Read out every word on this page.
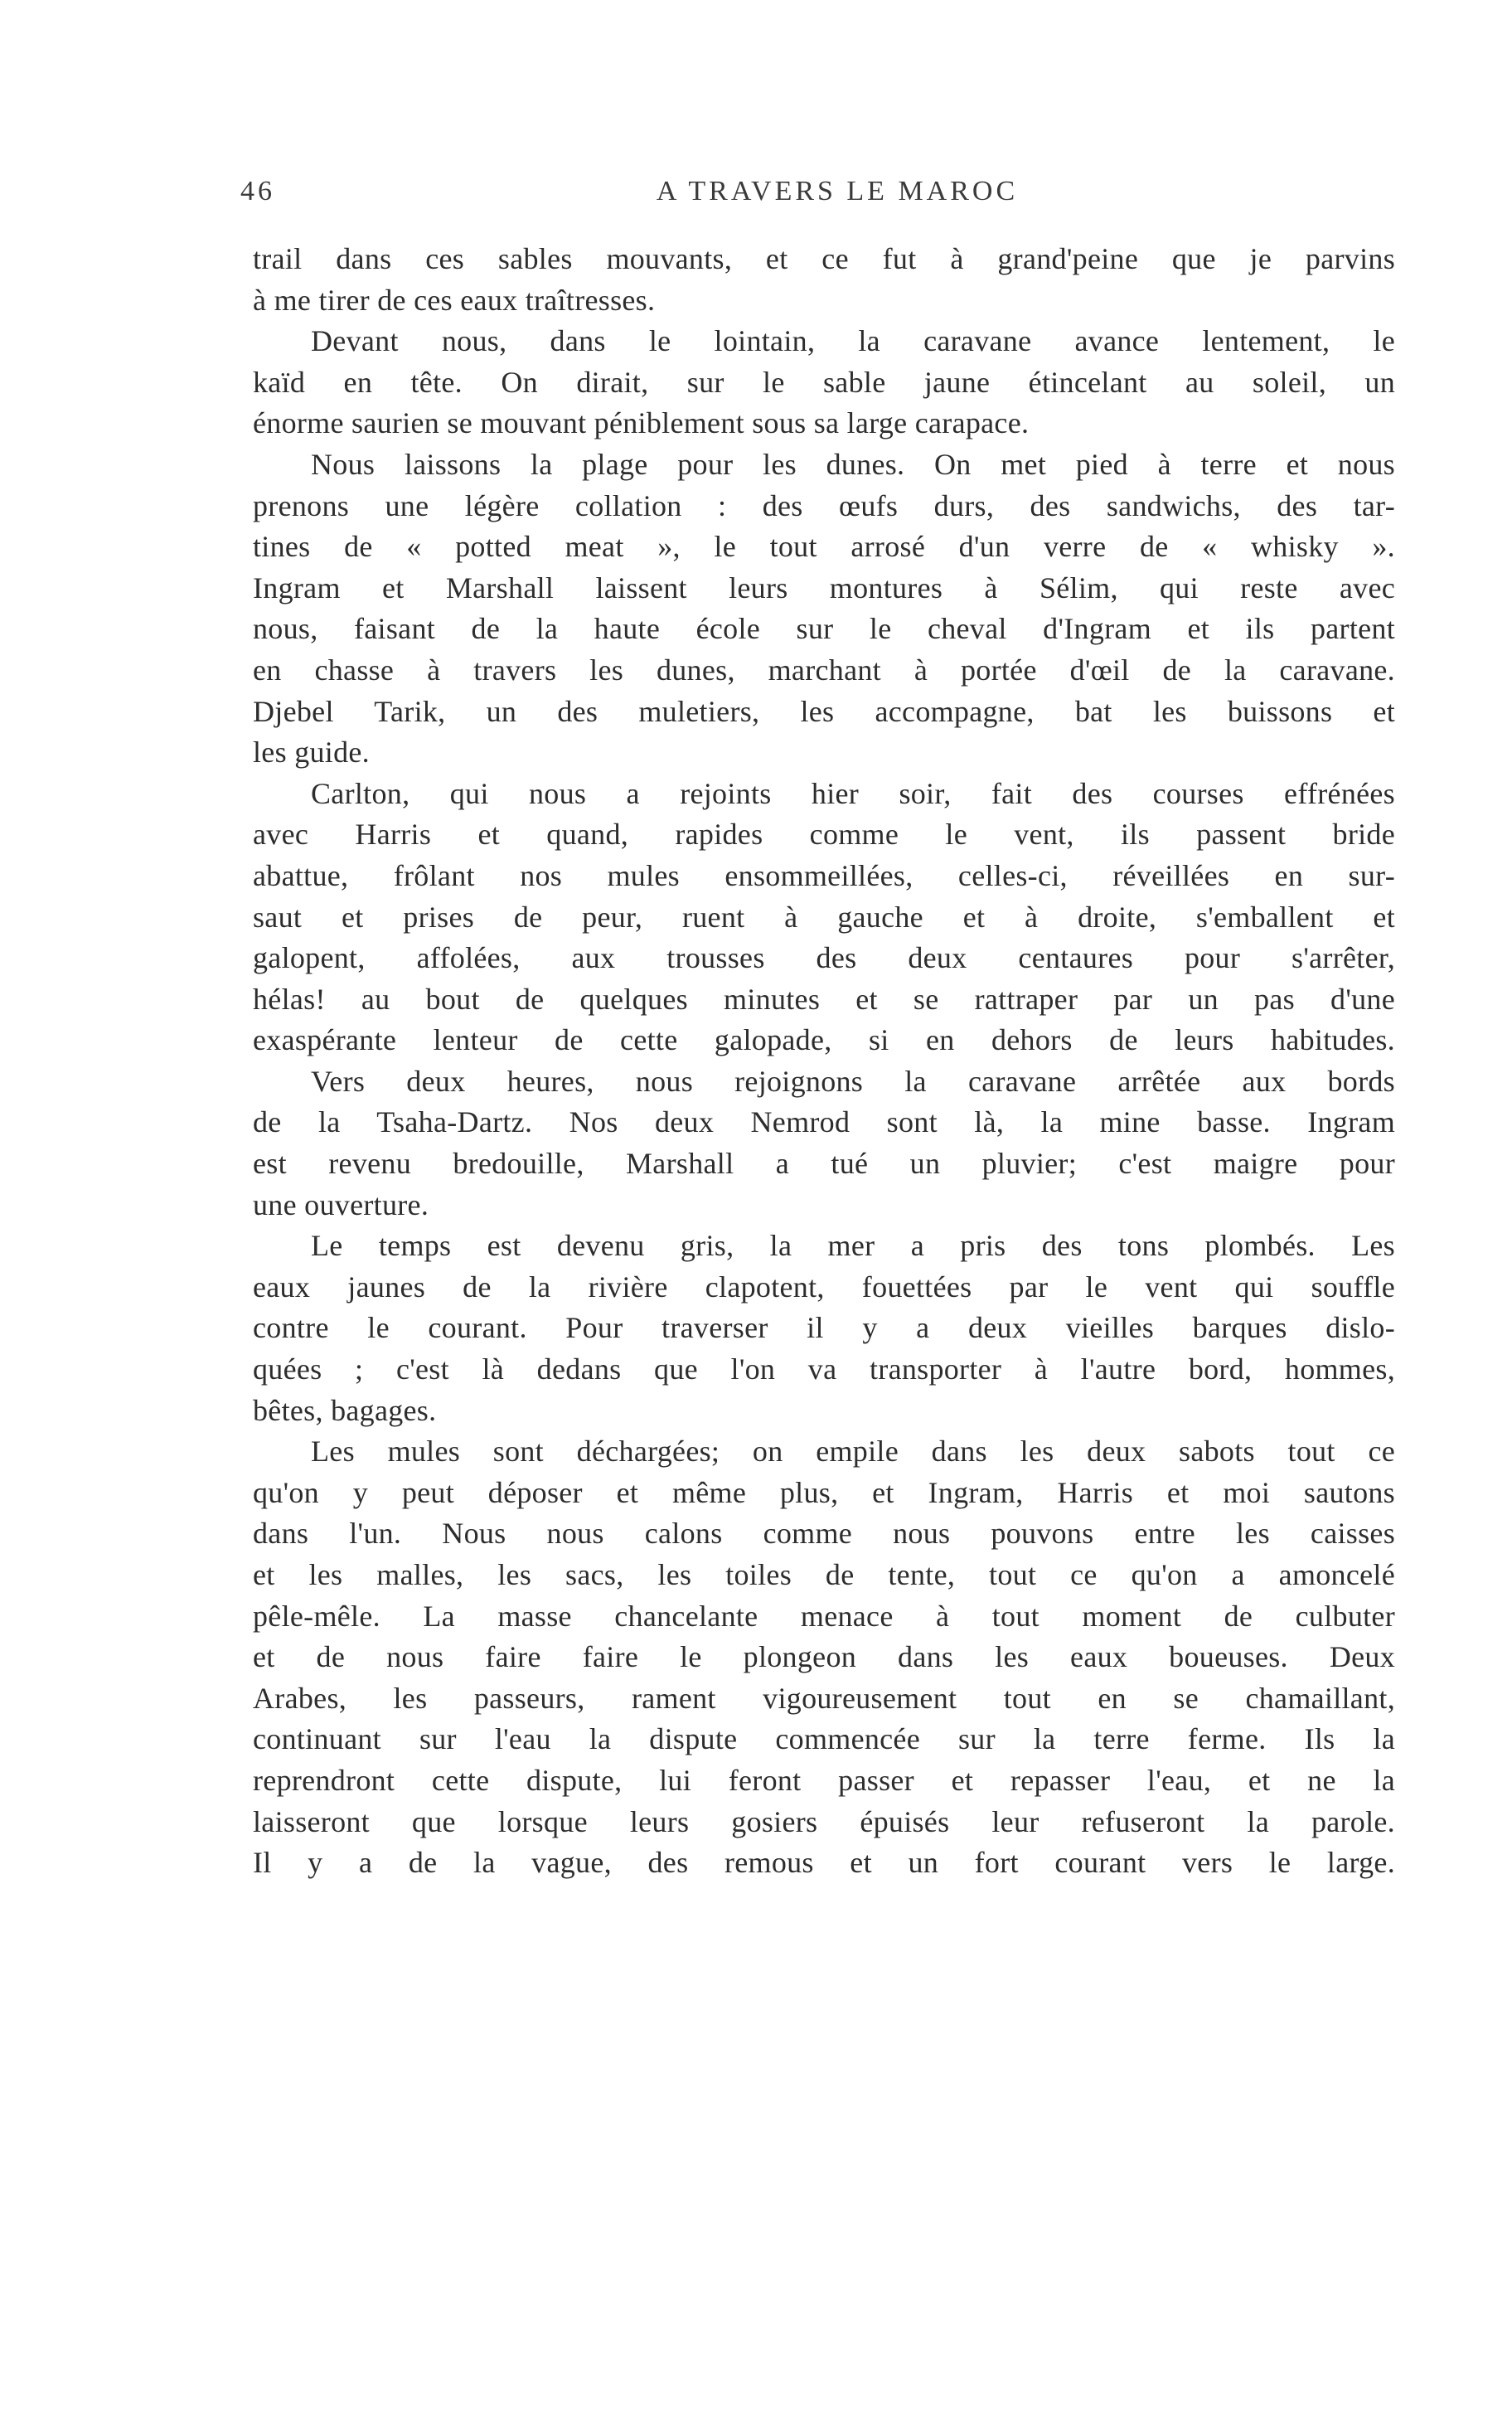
46	A TRAVERS LE MAROC
trail dans ces sables mouvants, et ce fut à grand'peine que je parvins
à me tirer de ces eaux traîtresses.
Devant nous, dans le lointain, la caravane avance lentement, le
kaïd en tête. On dirait, sur le sable jaune étincelant au soleil, un
énorme saurien se mouvant péniblement sous sa large carapace.
Nous laissons la plage pour les dunes. On met pied à terre et nous
prenons une légère collation : des œufs durs, des sandwichs, des tar-
tines de « potted meat », le tout arrosé d'un verre de « whisky ».
Ingram et Marshall laissent leurs montures à Sélim, qui reste avec
nous, faisant de la haute école sur le cheval d'Ingram et ils partent
en chasse à travers les dunes, marchant à portée d'œil de la caravane.
Djebel Tarik, un des muletiers, les accompagne, bat les buissons et
les guide.
Carlton, qui nous a rejoints hier soir, fait des courses effrénées
avec Harris et quand, rapides comme le vent, ils passent bride
abattue, frôlant nos mules ensommeillées, celles-ci, réveillées en sur-
saut et prises de peur, ruent à gauche et à droite, s'emballent et
galopent, affolées, aux trousses des deux centaures pour s'arrêter,
hélas! au bout de quelques minutes et se rattraper par un pas d'une
exaspérante lenteur de cette galopade, si en dehors de leurs habitudes.
Vers deux heures, nous rejoignons la caravane arrêtée aux bords
de la Tsaha-Dartz. Nos deux Nemrod sont là, la mine basse. Ingram
est revenu bredouille, Marshall a tué un pluvier; c'est maigre pour
une ouverture.
Le temps est devenu gris, la mer a pris des tons plombés. Les
eaux jaunes de la rivière clapotent, fouettées par le vent qui souffle
contre le courant. Pour traverser il y a deux vieilles barques dislo-
quées ; c'est là dedans que l'on va transporter à l'autre bord, hommes,
bêtes, bagages.
Les mules sont déchargées; on empile dans les deux sabots tout ce
qu'on y peut déposer et même plus, et Ingram, Harris et moi sautons
dans l'un. Nous nous calons comme nous pouvons entre les caisses
et les malles, les sacs, les toiles de tente, tout ce qu'on a amoncelé
pêle-mêle. La masse chancelante menace à tout moment de culbuter
et de nous faire faire le plongeon dans les eaux boueuses. Deux
Arabes, les passeurs, rament vigoureusement tout en se chamaillant,
continuant sur l'eau la dispute commencée sur la terre ferme. Ils la
reprendront cette dispute, lui feront passer et repasser l'eau, et ne la
laisseront que lorsque leurs gosiers épuisés leur refuseront la parole.
Il y a de la vague, des remous et un fort courant vers le large.
